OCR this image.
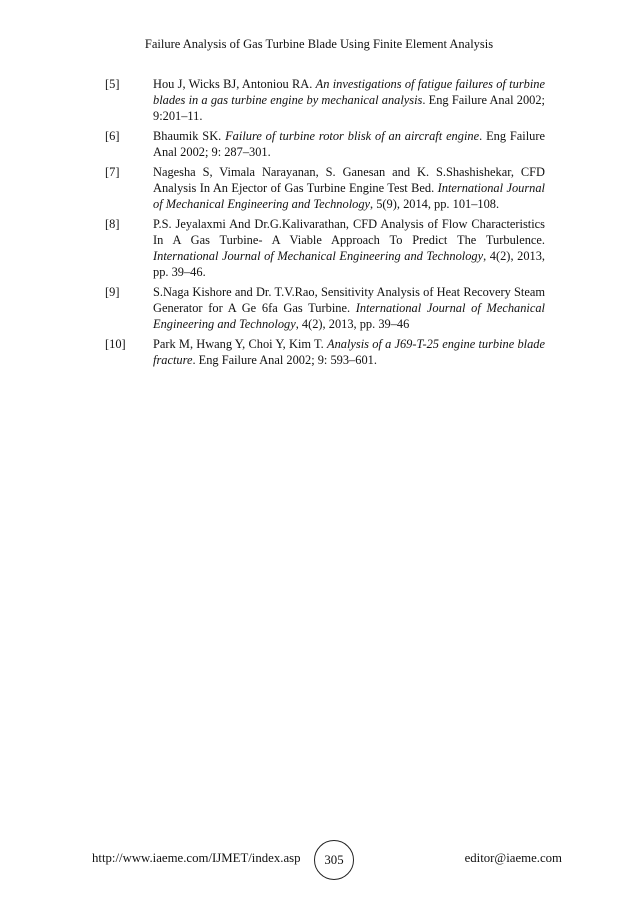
Failure Analysis of Gas Turbine Blade Using Finite Element Analysis
[5]	Hou J, Wicks BJ, Antoniou RA. An investigations of fatigue failures of turbine blades in a gas turbine engine by mechanical analysis. Eng Failure Anal 2002; 9:201–11.
[6]	Bhaumik SK. Failure of turbine rotor blisk of an aircraft engine. Eng Failure Anal 2002; 9: 287–301.
[7]	Nagesha S, Vimala Narayanan, S. Ganesan and K. S.Shashishekar, CFD Analysis In An Ejector of Gas Turbine Engine Test Bed. International Journal of Mechanical Engineering and Technology, 5(9), 2014, pp. 101–108.
[8]	P.S. Jeyalaxmi And Dr.G.Kalivarathan, CFD Analysis of Flow Characteristics In A Gas Turbine- A Viable Approach To Predict The Turbulence. International Journal of Mechanical Engineering and Technology, 4(2), 2013, pp. 39–46.
[9]	S.Naga Kishore and Dr. T.V.Rao, Sensitivity Analysis of Heat Recovery Steam Generator for A Ge 6fa Gas Turbine. International Journal of Mechanical Engineering and Technology, 4(2), 2013, pp. 39–46
[10]	Park M, Hwang Y, Choi Y, Kim T. Analysis of a J69-T-25 engine turbine blade fracture. Eng Failure Anal 2002; 9: 593–601.
http://www.iaeme.com/IJMET/index.asp 305	editor@iaeme.com
